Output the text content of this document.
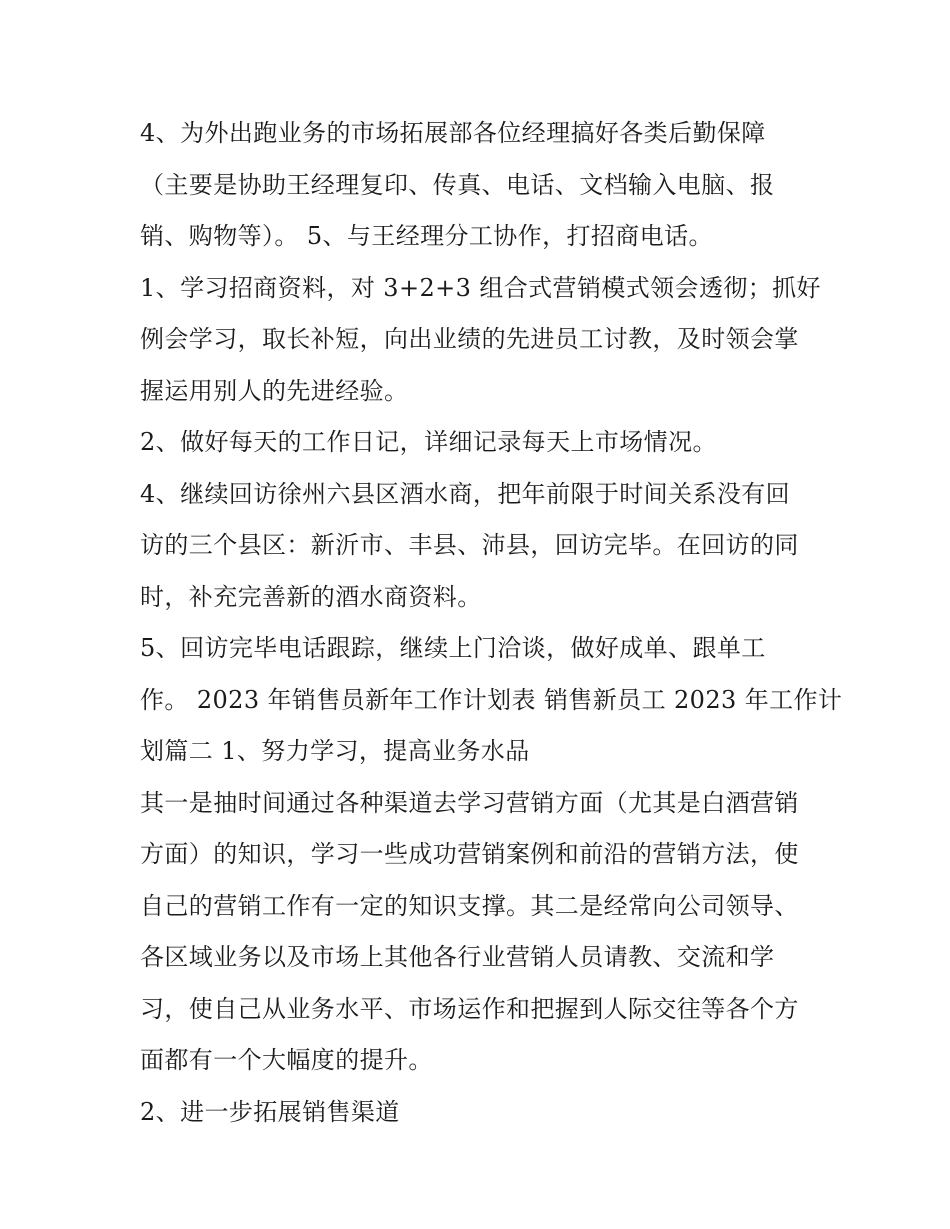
4、为外出跑业务的市场拓展部各位经理搞好各类后勤保障
（主要是协助王经理复印、传真、电话、文档输入电脑、报
销、购物等）。 5、与王经理分工协作，打招商电话。
1、学习招商资料，对 3+2+3 组合式营销模式领会透彻；抓好
例会学习，取长补短，向出业绩的先进员工讨教，及时领会掌
握运用别人的先进经验。
2、做好每天的工作日记，详细记录每天上市场情况。
4、继续回访徐州六县区酒水商，把年前限于时间关系没有回
访的三个县区：新沂市、丰县、沛县，回访完毕。在回访的同
时，补充完善新的酒水商资料。
5、回访完毕电话跟踪，继续上门洽谈，做好成单、跟单工
作。 2023 年销售员新年工作计划表 销售新员工 2023 年工作计
划篇二 1、努力学习，提高业务水品
其一是抽时间通过各种渠道去学习营销方面（尤其是白酒营销
方面）的知识，学习一些成功营销案例和前沿的营销方法，使
自己的营销工作有一定的知识支撑。其二是经常向公司领导、
各区域业务以及市场上其他各行业营销人员请教、交流和学
习，使自己从业务水平、市场运作和把握到人际交往等各个方
面都有一个大幅度的提升。
2、进一步拓展销售渠道
